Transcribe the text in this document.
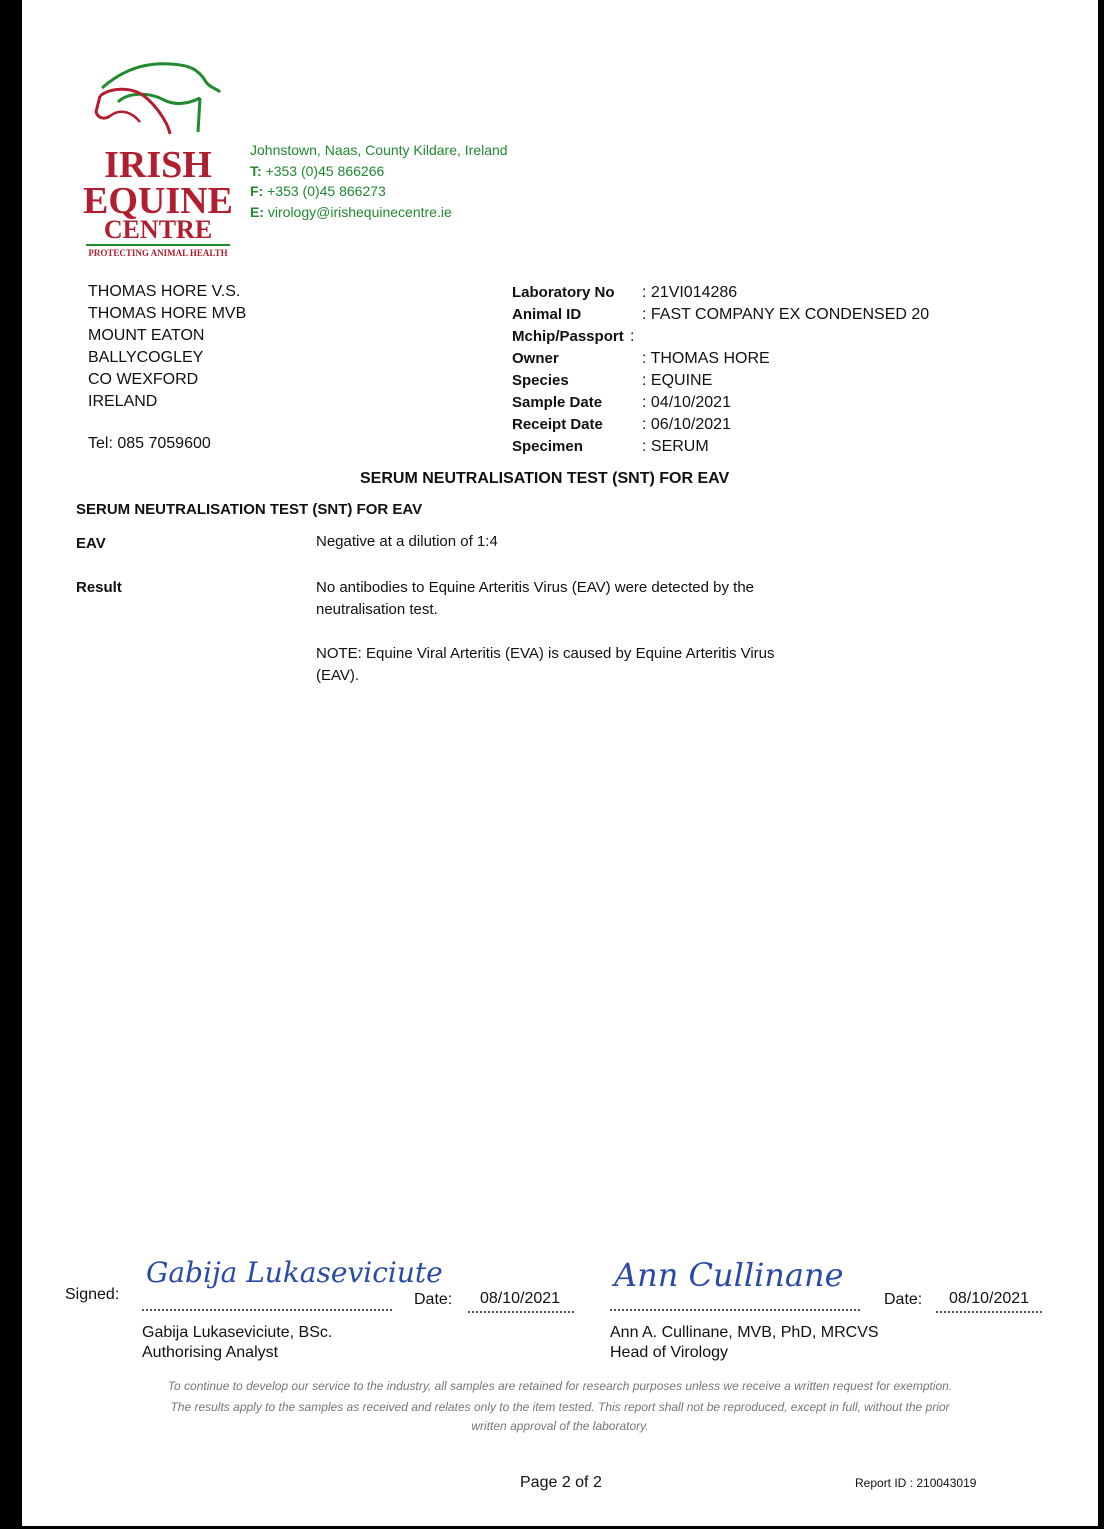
IRISH
EQUINE
CENTRE
PROTECTING ANIMAL HEALTH
Johnstown, Naas, County Kildare, Ireland
T: +353 (0)45 866266
F: +353 (0)45 866273
E: virology@irishequinecentre.ie
THOMAS HORE V.S.
THOMAS HORE MVB
MOUNT EATON
BALLYCOGLEY
CO WEXFORD
IRELAND
Tel: 085 7059600
Laboratory No : 21VI014286
Animal ID	: FAST COMPANY EX CONDENSED 20
Mchip/Passport :
Owner	: THOMAS HORE
Species	: EQUINE
Sample Date : 04/10/2021
Receipt Date : 06/10/2021
Specimen	: SERUM
SERUM NEUTRALISATION TEST (SNT) FOR EAV
SERUM NEUTRALISATION TEST (SNT) FOR EAV
EAV	Negative at a dilution of 1:4
Result	No antibodies to Equine Arteritis Virus (EAV) were detected by the
neutralisation test.
NOTE: Equine Viral Arteritis (EVA) is caused by Equine Arteritis Virus
(EAV).
Signed:
Gabija Lukaseviciute
Date: 08/10/2021
Gabija Lukaseviciute, BSc.
Authorising Analyst
Ann Cullinane
Date: 08/10/2021
Ann A. Cullinane, MVB, PhD, MRCVS
Head of Virology
To continue to develop our service to the industry, all samples are retained for research purposes unless we receive a written request for exemption.
The results apply to the samples as received and relates only to the item tested. This report shall not be reproduced, except in full, without the prior
written approval of the laboratory.
Page 2 of 2	Report ID : 210043019
